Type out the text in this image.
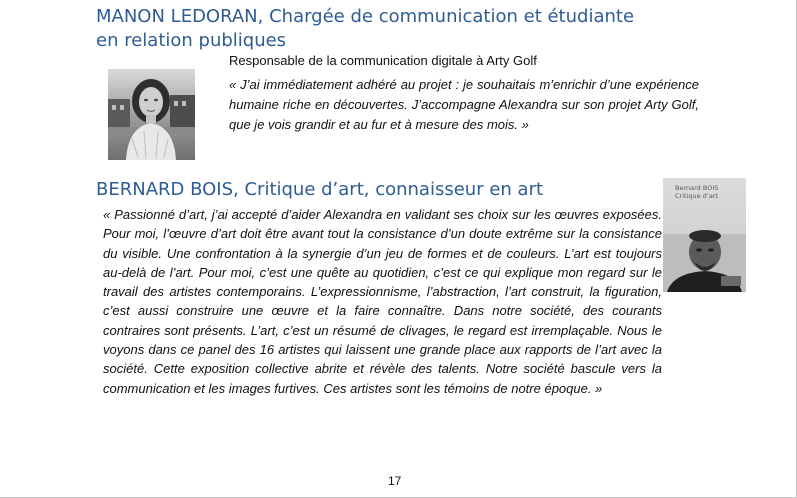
MANON LEDORAN, Chargée de communication et étudiante en relation publiques
Responsable de la communication digitale à Arty Golf

« J’ai immédiatement adhéré au projet : je souhaitais m’enrichir d’une expérience humaine riche en découvertes. J’accompagne Alexandra sur son projet Arty Golf, que je vois grandir et au fur et à mesure des mois. »

BERNARD BOIS, Critique d’art, connaisseur en art	Bernard BOIS
Critique d’art

« Passionné d’art, j’ai accepté d’aider Alexandra en validant ses choix sur les œuvres exposées. Pour moi, l’œuvre d’art doit être avant tout la consistance d’un doute extrême sur la consistance du visible. Une confrontation à la synergie d’un jeu de formes et de couleurs. L’art est toujours au-delà de l’art. Pour moi, c’est une quête au quotidien, c’est ce qui explique mon regard sur le travail des artistes contemporains. L’expressionnisme, l’abstraction, l’art construit, la figuration, c’est aussi construire une œuvre et la faire connaître. Dans notre société, des courants contraires sont présents. L’art, c’est un résumé de clivages, le regard est irremplaçable. Nous le voyons dans ce panel des 16 artistes qui laissent une grande place aux rapports de l’art avec la société. Cette exposition collective abrite et révèle des talents. Notre société bascule vers la communication et les images furtives. Ces artistes sont les témoins de notre époque. »

17
